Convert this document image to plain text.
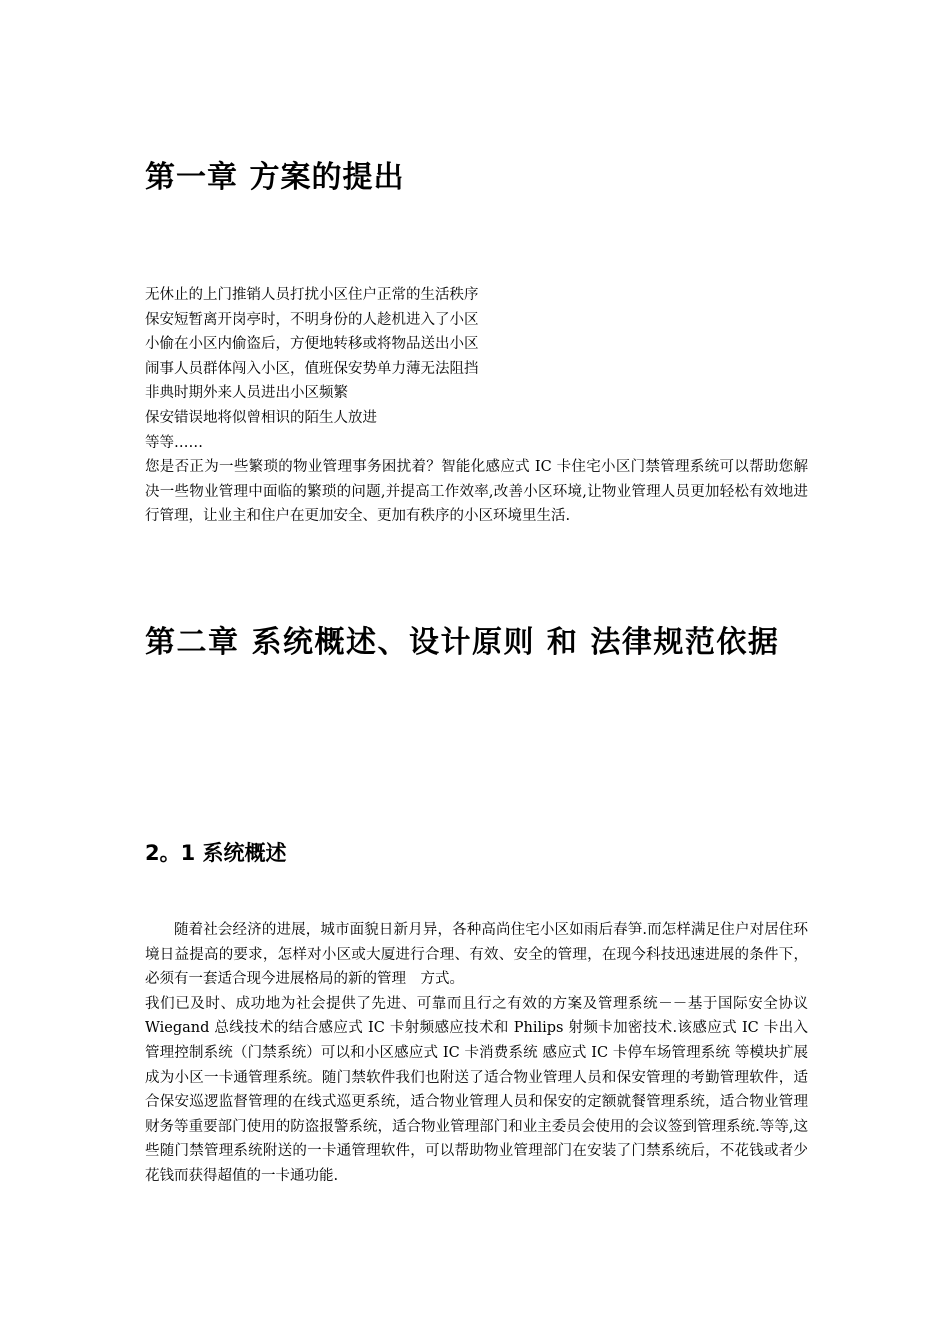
第一章 方案的提出
无休止的上门推销人员打扰小区住户正常的生活秩序
保安短暂离开岗亭时，不明身份的人趁机进入了小区
小偷在小区内偷盗后，方便地转移或将物品送出小区
闹事人员群体闯入小区，值班保安势单力薄无法阻挡
非典时期外来人员进出小区频繁
保安错误地将似曾相识的陌生人放进
等等……

您是否正为一些繁琐的物业管理事务困扰着？智能化感应式 IC 卡住宅小区门禁管理系统可以帮助您解决一些物业管理中面临的繁琐的问题,并提高工作效率,改善小区环境,让物业管理人员更加轻松有效地进行管理，让业主和住户在更加安全、更加有秩序的小区环境里生活.

第二章 系统概述、设计原则 和 法律规范依据
2。1 系统概述

随着社会经济的进展，城市面貌日新月异，各种高尚住宅小区如雨后春笋.而怎样满足住户对居住环境日益提高的要求，怎样对小区或大厦进行合理、有效、安全的管理，在现今科技迅速进展的条件下，必须有一套适合现今进展格局的新的管理　方式。

我们已及时、成功地为社会提供了先进、可靠而且行之有效的方案及管理系统－－基于国际安全协议 Wiegand 总线技术的结合感应式 IC 卡射频感应技术和 Philips 射频卡加密技术.该感应式 IC 卡出入管理控制系统（门禁系统）可以和小区感应式 IC 卡消费系统 感应式 IC 卡停车场管理系统 等模块扩展成为小区一卡通管理系统。随门禁软件我们也附送了适合物业管理人员和保安管理的考勤管理软件，适合保安巡逻监督管理的在线式巡更系统，适合物业管理人员和保安的定额就餐管理系统，适合物业管理财务等重要部门使用的防盗报警系统，适合物业管理部门和业主委员会使用的会议签到管理系统.等等,这些随门禁管理系统附送的一卡通管理软件，可以帮助物业管理部门在安装了门禁系统后，不花钱或者少花钱而获得超值的一卡通功能.
